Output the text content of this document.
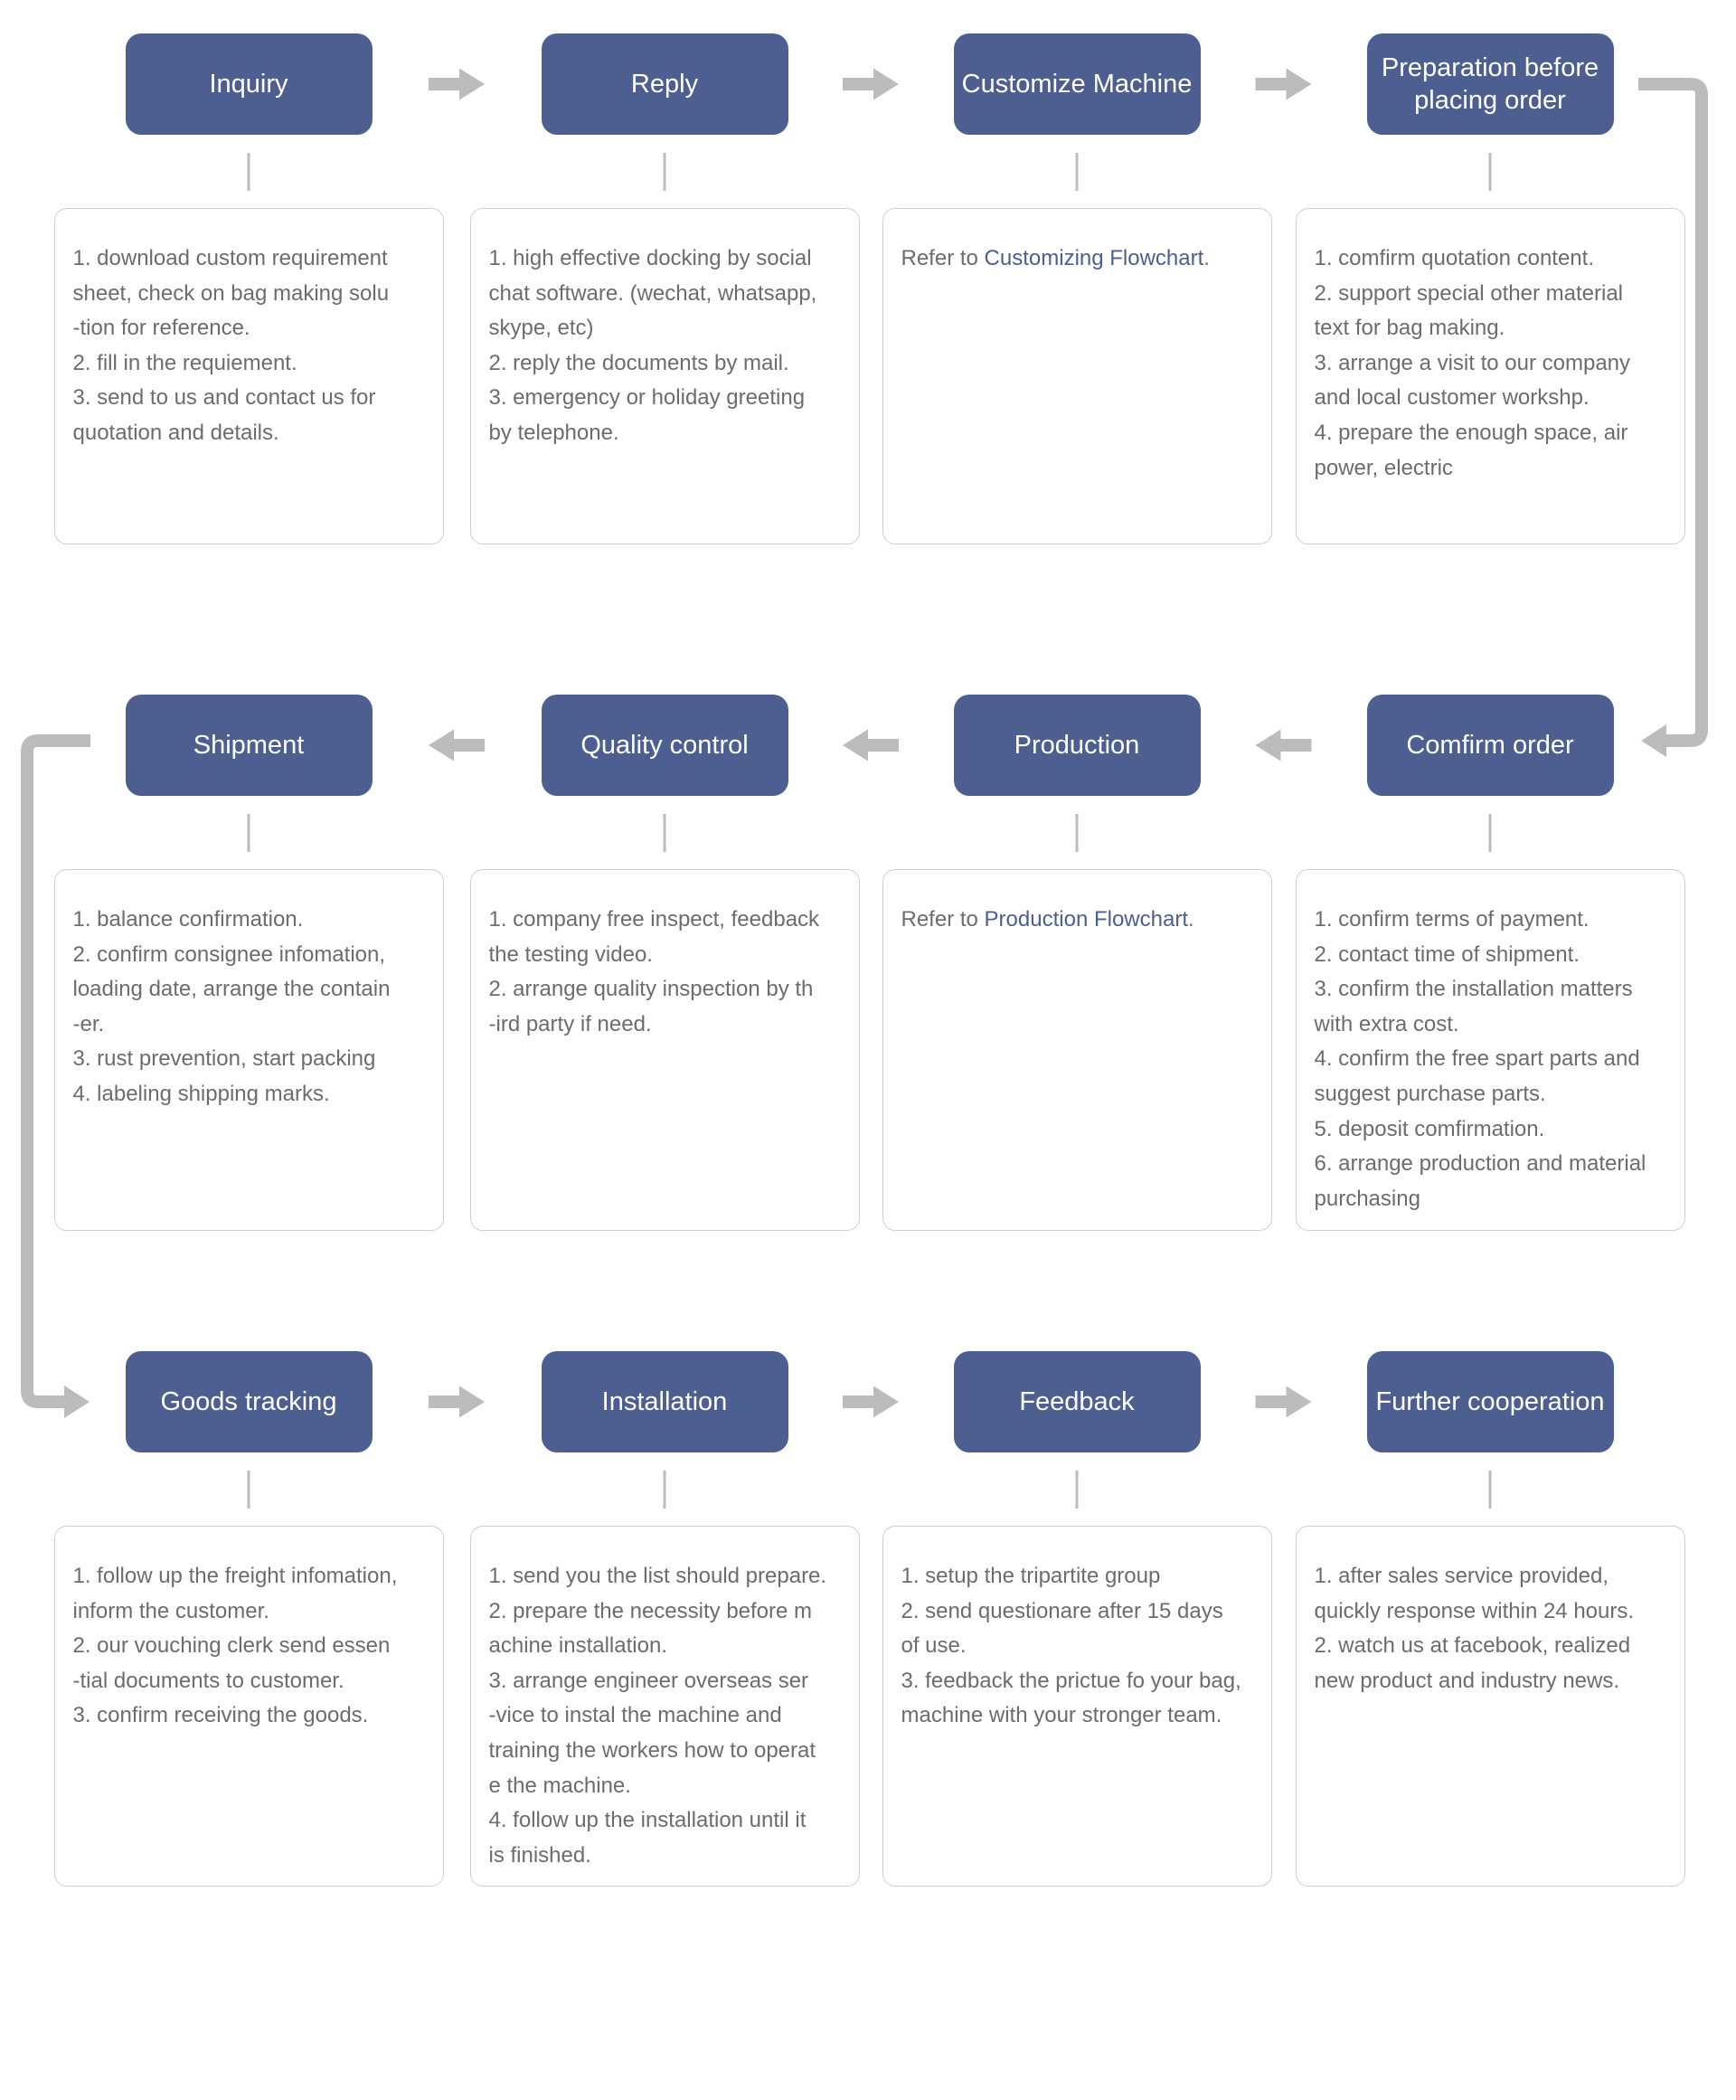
Inquiry
1. download custom requirement
sheet, check on bag making solu
-tion for reference.
2. fill in the requiement.
3. send to us and contact us for
quotation and details.
Reply
1. high effective docking by social
chat software. (wechat, whatsapp,
skype, etc)
2. reply the documents by mail.
3. emergency or holiday greeting
by telephone.
Customize Machine
Refer to Customizing Flowchart.
Preparation before
placing order
1. comfirm quotation content.
2. support special other material
text for bag making.
3. arrange a visit to our company
and local customer workshp.
4. prepare the enough space, air
power, electric
Shipment
1. balance confirmation.
2. confirm consignee infomation,
loading date, arrange the contain
-er.
3. rust prevention, start packing
4. labeling shipping marks.
Quality control
1. company free inspect, feedback
the testing video.
2. arrange quality inspection by th
-ird party if need.
Production
Refer to Production Flowchart.
Comfirm order
1. confirm terms of payment.
2. contact time of shipment.
3. confirm the installation matters
with extra cost.
4. confirm the free spart parts and
suggest purchase parts.
5. deposit comfirmation.
6. arrange production and material
purchasing
Goods tracking
1. follow up the freight infomation,
inform the customer.
2. our vouching clerk send essen
-tial documents to customer.
3. confirm receiving the goods.
Installation
1. send you the list should prepare.
2. prepare the necessity before m
achine installation.
3. arrange engineer overseas ser
-vice to instal the machine and
training the workers how to operat
e the machine.
4. follow up the installation until it
is finished.
Feedback
1. setup the tripartite group
2. send questionare after 15 days
of use.
3. feedback the prictue fo your bag,
machine with your stronger team.
Further cooperation
1. after sales service provided,
quickly response within 24 hours.
2. watch us at facebook, realized
new product and industry news.
